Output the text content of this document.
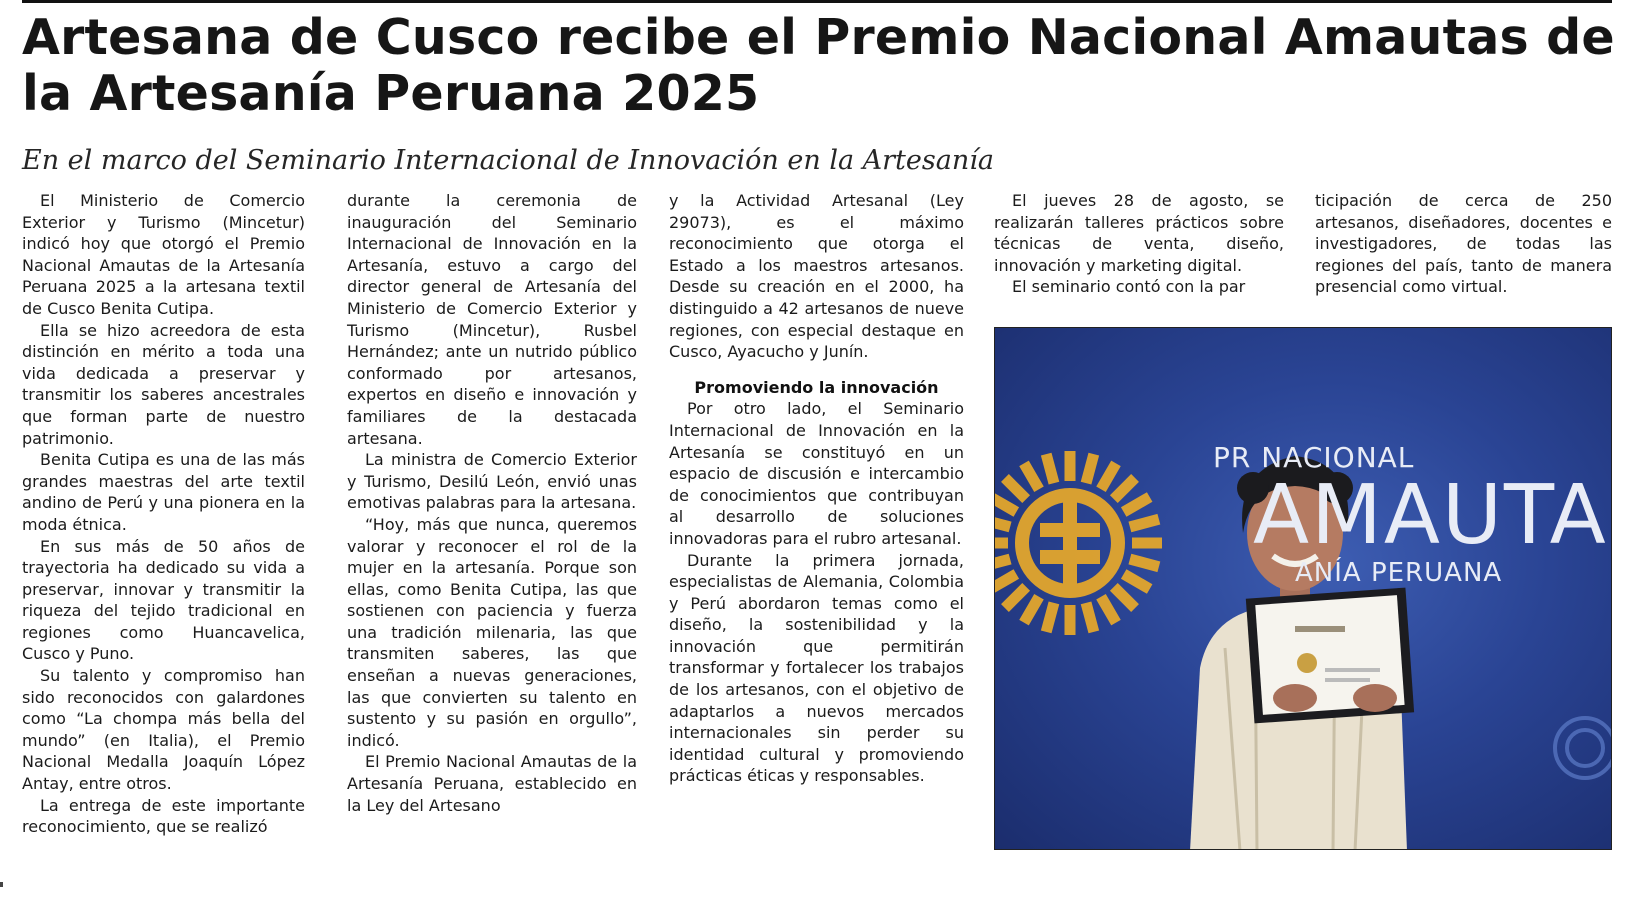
Artesana de Cusco recibe el Premio Nacional Amautas de la Artesanía Peruana 2025
En el marco del Seminario Internacional de Innovación en la Artesanía

El Ministerio de Comercio Exterior y Turismo (Mincetur) indicó hoy que otorgó el Premio Nacional Amautas de la Artesanía Peruana 2025 a la artesana textil de Cusco Benita Cutipa.

Ella se hizo acreedora de esta distinción en mérito a toda una vida dedicada a preservar y transmitir los saberes ancestrales que forman parte de nuestro patrimonio.

Benita Cutipa es una de las más grandes maestras del arte textil andino de Perú y una pionera en la moda étnica.

En sus más de 50 años de trayectoria ha dedicado su vida a preservar, innovar y transmitir la riqueza del tejido tradicional en regiones como Huancavelica, Cusco y Puno.

Su talento y compromiso han sido reconocidos con galardones como “La chompa más bella del mundo” (en Italia), el Premio Nacional Medalla Joaquín López Antay, entre otros.

La entrega de este importante reconocimiento, que se realizó

durante la ceremonia de inauguración del Seminario Internacional de Innovación en la Artesanía, estuvo a cargo del director general de Artesanía del Ministerio de Comercio Exterior y Turismo (Mincetur), Rusbel Hernández; ante un nutrido público conformado por artesanos, expertos en diseño e innovación y familiares de la destacada artesana.

La ministra de Comercio Exterior y Turismo, Desilú León, envió unas emotivas palabras para la artesana.

“Hoy, más que nunca, queremos valorar y reconocer el rol de la mujer en la artesanía. Porque son ellas, como Benita Cutipa, las que sostienen con paciencia y fuerza una tradición milenaria, las que transmiten saberes, las que enseñan a nuevas generaciones, las que convierten su talento en sustento y su pasión en orgullo”, indicó.

El Premio Nacional Amautas de la Artesanía Peruana, establecido en la Ley del Artesano

y la Actividad Artesanal (Ley 29073), es el máximo reconocimiento que otorga el Estado a los maestros artesanos. Desde su creación en el 2000, ha distinguido a 42 artesanos de nueve regiones, con especial destaque en Cusco, Ayacucho y Junín.

Promoviendo la innovación

Por otro lado, el Seminario Internacional de Innovación en la Artesanía se constituyó en un espacio de discusión e intercambio de conocimientos que contribuyan al desarrollo de soluciones innovadoras para el rubro artesanal.

Durante la primera jornada, especialistas de Alemania, Colombia y Perú abordaron temas como el diseño, la sostenibilidad y la innovación que permitirán transformar y fortalecer los trabajos de los artesanos, con el objetivo de adaptarlos a nuevos mercados internacionales sin perder su identidad cultural y promoviendo prácticas éticas y responsables.

El jueves 28 de agosto, se realizarán talleres prácticos sobre técnicas de venta, diseño, innovación y marketing digital.

El seminario contó con la par

ticipación de cerca de 250 artesanos, diseñadores, docentes e investigadores, de todas las regiones del país, tanto de manera presencial como virtual.

PR NACIONAL
AMAUTA
ANÍA PERUANA
